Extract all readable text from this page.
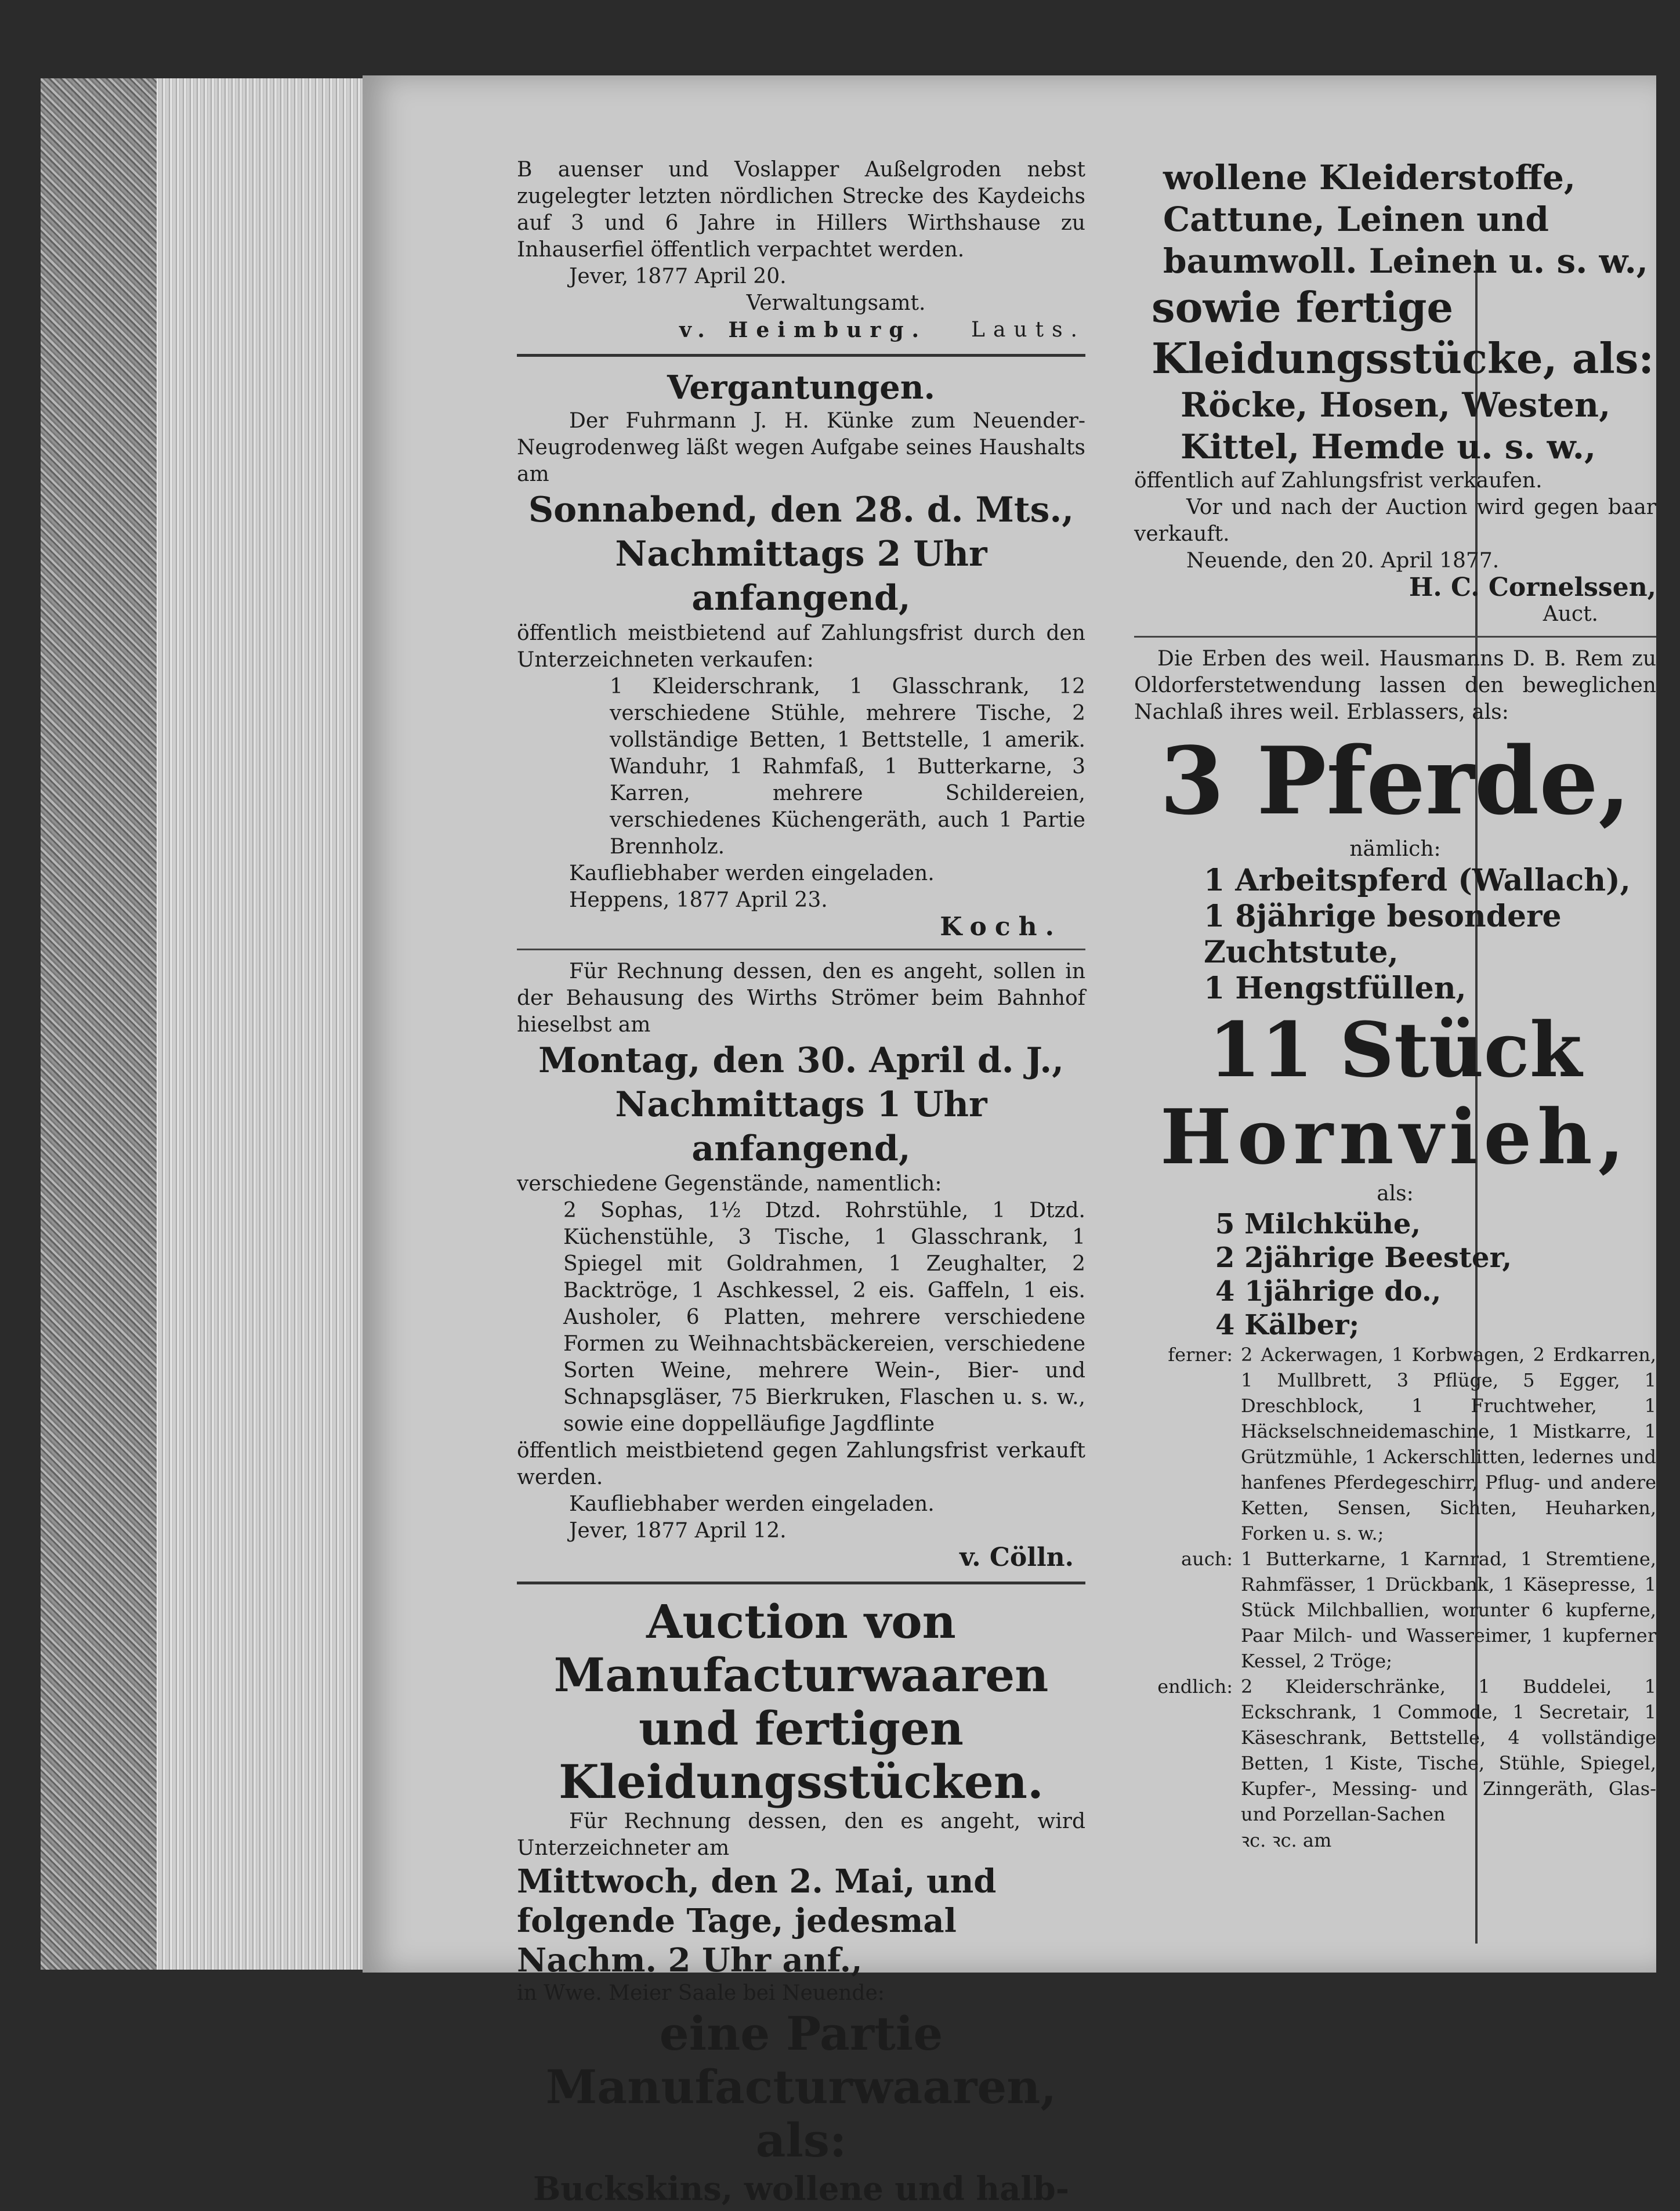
B auenser und Voslapper Außelgroden nebst zugelegter letzten nördlichen Strecke des Kaydeichs auf 3 und 6 Jahre in Hillers Wirthshause zu Inhauserfiel öffentlich verpachtet werden.

Jever, 1877 April 20.

Verwaltungsamt.

v. Heimburg. Lauts.

Vergantungen.

Der Fuhrmann J. H. Künke zum Neuender-Neugrodenweg läßt wegen Aufgabe seines Haushalts am

Sonnabend, den 28. d. Mts.,

Nachmittags 2 Uhr anfangend,

öffentlich meistbietend auf Zahlungsfrist durch den Unterzeichneten verkaufen:

1 Kleiderschrank, 1 Glasschrank, 12 verschiedene Stühle, mehrere Tische, 2 vollständige Betten, 1 Bettstelle, 1 amerik. Wanduhr, 1 Rahmfaß, 1 Butterkarne, 3 Karren, mehrere Schildereien, verschiedenes Küchengeräth, auch 1 Partie Brennholz.

Kaufliebhaber werden eingeladen.

Heppens, 1877 April 23.

Koch.

Für Rechnung dessen, den es angeht, sollen in der Behausung des Wirths Strömer beim Bahnhof hieselbst am

Montag, den 30. April d. J.,

Nachmittags 1 Uhr anfangend,

verschiedene Gegenstände, namentlich:

2 Sophas, 1½ Dtzd. Rohrstühle, 1 Dtzd. Küchenstühle, 3 Tische, 1 Glasschrank, 1 Spiegel mit Goldrahmen, 1 Zeughalter, 2 Backtröge, 1 Aschkessel, 2 eis. Gaffeln, 1 eis. Ausholer, 6 Platten, mehrere verschiedene Formen zu Weihnachtsbäckereien, verschiedene Sorten Weine, mehrere Wein-, Bier- und Schnapsgläser, 75 Bierkruken, Flaschen u. s. w., sowie eine doppelläufige Jagdflinte

öffentlich meistbietend gegen Zahlungsfrist verkauft werden.

Kaufliebhaber werden eingeladen.

Jever, 1877 April 12.

v. Cölln.

Auction von Manufacturwaaren und fertigen Kleidungsstücken.

Für Rechnung dessen, den es angeht, wird Unterzeichneter am

Mittwoch, den 2. Mai, und folgende Tage, jedesmal Nachm. 2 Uhr anf.,

in Wwe. Meier Saale bei Neuende:

eine Partie Manufacturwaaren, als:

Buckskins, wollene und halb-

wollene Kleiderstoffe, Cattune, Leinen und baumwoll. Leinen u. s. w.,

sowie fertige Kleidungsstücke, als:

Röcke, Hosen, Westen, Kittel, Hemde u. s. w.,

öffentlich auf Zahlungsfrist verkaufen.

Vor und nach der Auction wird gegen baar verkauft.

Neuende, den 20. April 1877.

H. C. Cornelssen,

Auct.

Die Erben des weil. Hausmanns D. B. Rem zu Oldorferstetwendung lassen den beweglichen Nachlaß ihres weil. Erblassers, als:

3 Pferde,

nämlich:

1 Arbeitspferd (Wallach),

1 8jährige besondere Zuchtstute,

1 Hengstfüllen,

11 Stück

Hornvieh,

als:

5 Milchkühe,

2 2jährige Beester,

4 1jährige do.,

4 Kälber;

ferner: 2 Ackerwagen, 1 Korbwagen, 2 Erdkarren, 1 Mullbrett, 3 Pflüge, 5 Egger, 1 Dreschblock, 1 Fruchtweher, 1 Häckselschneidemaschine, 1 Mistkarre, 1 Grützmühle, 1 Ackerschlitten, ledernes und hanfenes Pferdegeschirr, Pflug- und andere Ketten, Sensen, Sichten, Heuharken, Forken u. s. w.;

auch: 1 Butterkarne, 1 Karnrad, 1 Stremtiene, Rahmfässer, 1 Drückbank, 1 Käsepresse, 1 Stück Milchballien, worunter 6 kupferne, Paar Milch- und Wassereimer, 1 kupferner Kessel, 2 Tröge;

endlich: 2 Kleiderschränke, 1 Buddelei, 1 Eckschrank, 1 Commode, 1 Secretair, 1 Käseschrank, Bettstelle, 4 vollständige Betten, 1 Kiste, Tische, Stühle, Spiegel, Kupfer-, Messing- und Zinngeräth, Glas- und Porzellan-Sachen

ꝛc. ꝛc. am
